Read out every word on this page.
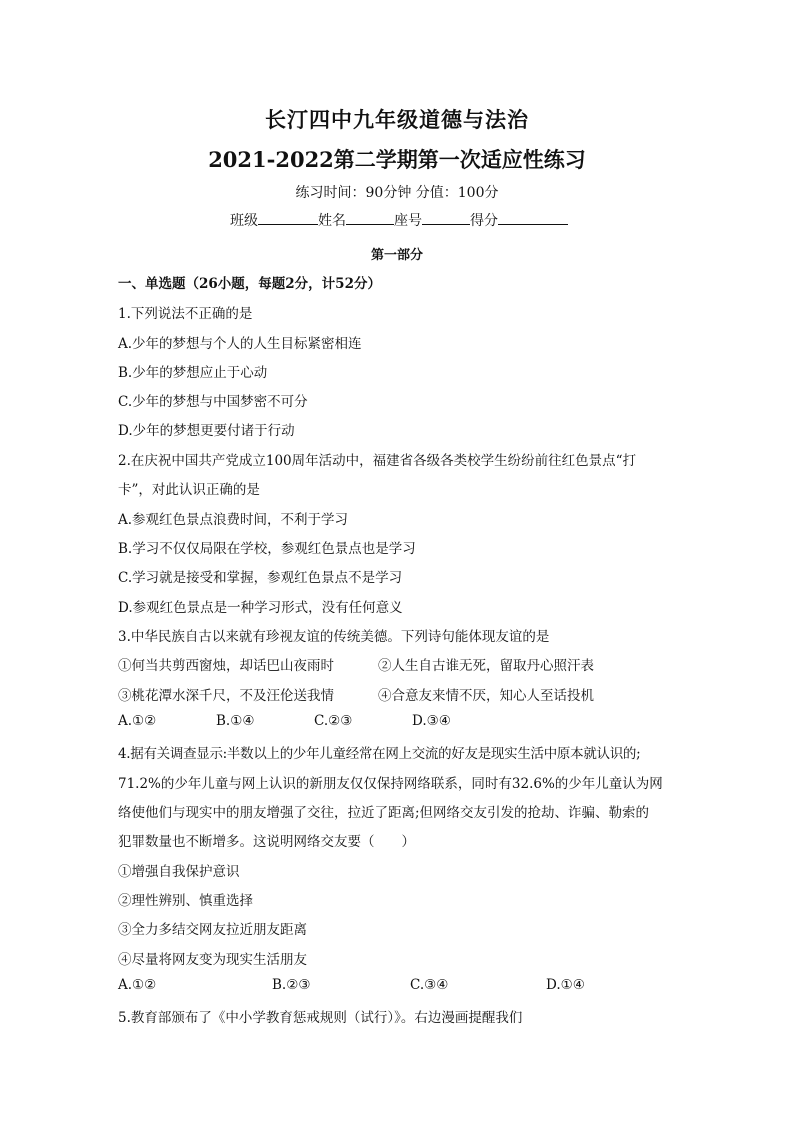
长汀四中九年级道德与法治
2021-2022第二学期第一次适应性练习
练习时间：90分钟 分值：100分
班级	姓名	座号	得分
第一部分
一、单选题（26小题，每题2分，计52分）
1.下列说法不正确的是
A.少年的梦想与个人的人生目标紧密相连
B.少年的梦想应止于心动
C.少年的梦想与中国梦密不可分
D.少年的梦想更要付诸于行动
2.在庆祝中国共产党成立100周年活动中，福建省各级各类校学生纷纷前往红色景点“打
卡”，对此认识正确的是
A.参观红色景点浪费时间，不利于学习
B.学习不仅仅局限在学校，参观红色景点也是学习
C.学习就是接受和掌握，参观红色景点不是学习
D.参观红色景点是一种学习形式，没有任何意义
3.中华民族自古以来就有珍视友谊的传统美德。下列诗句能体现友谊的是
①何当共剪西窗烛，却话巴山夜雨时	②人生自古谁无死，留取丹心照汗表
③桃花潭水深千尺，不及汪伦送我情	④合意友来情不厌，知心人至话投机
A.①②	B.①④	C.②③	D.③④
4.据有关调查显示:半数以上的少年儿童经常在网上交流的好友是现实生活中原本就认识的;
71.2%的少年儿童与网上认识的新朋友仅仅保持网络联系，同时有32.6%的少年儿童认为网
络使他们与现实中的朋友增强了交往，拉近了距离;但网络交友引发的抢劫、诈骗、勒索的
犯罪数量也不断增多。这说明网络交友要（　　）
①增强自我保护意识
②理性辨别、慎重选择
③全力多结交网友拉近朋友距离
④尽量将网友变为现实生活朋友
A.①②	B.②③	C.③④	D.①④
5.教育部颁布了《中小学教育惩戒规则（试行）》。右边漫画提醒我们
